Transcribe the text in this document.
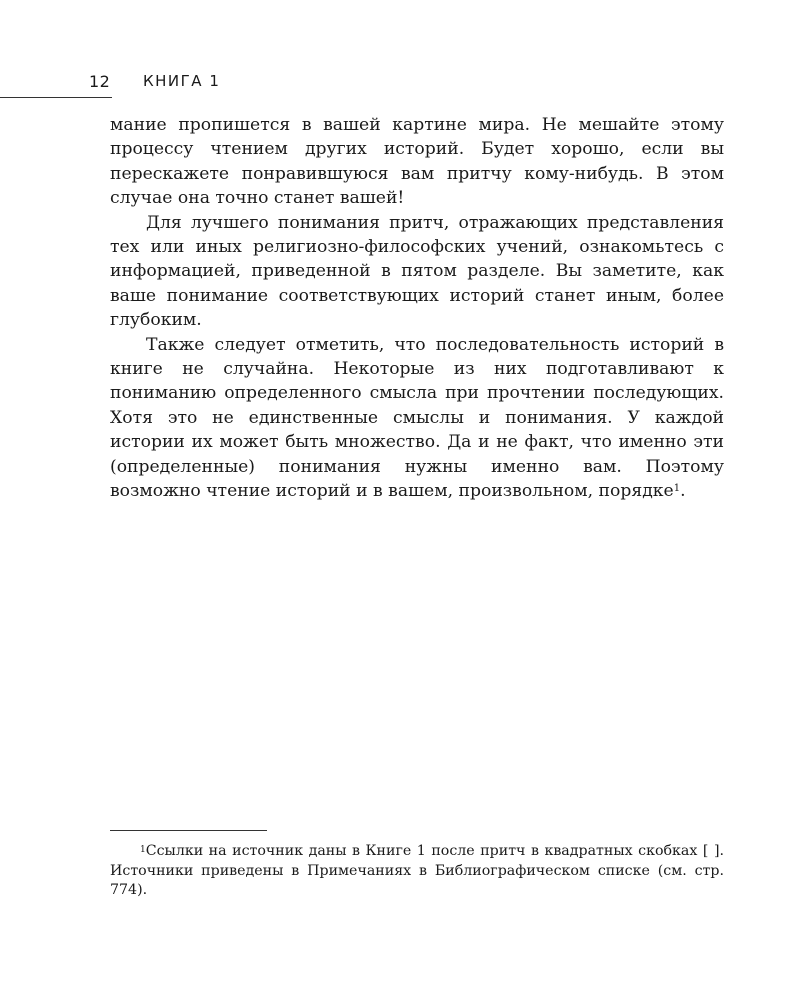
12 КНИГА 1

мание пропишется в вашей картине мира. Не мешайте этому процессу чтением других историй. Будет хорошо, если вы перескажете понравившуюся вам притчу кому-нибудь. В этом случае она точно станет вашей!

Для лучшего понимания притч, отражающих представления тех или иных религиозно-философских учений, ознакомьтесь с информацией, приведенной в пятом разделе. Вы заметите, как ваше понимание соответствующих историй станет иным, более глубоким.

Также следует отметить, что последовательность историй в книге не случайна. Некоторые из них подготавливают к пониманию определенного смысла при прочтении последующих. Хотя это не единственные смыслы и понимания. У каждой истории их может быть множество. Да и не факт, что именно эти (определенные) понимания нужны именно вам. Поэтому возможно чтение историй и в вашем, произвольном, порядке$^1$.

$^1$Ссылки на источник даны в Книге 1 после притч в квадратных скобках [ ]. Источники приведены в Примечаниях в Библиографическом списке (см. стр. 774).
